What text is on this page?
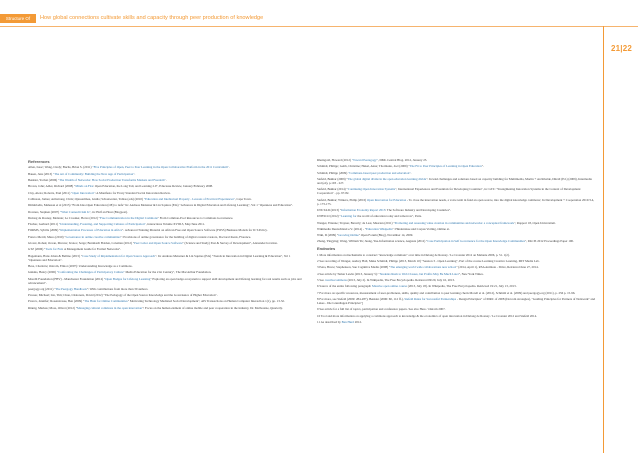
Structure Of	How global connections cultivate skills and capacity through peer production of knowledge
21|22
References

Allen, Isaac; Wang, Cindy; Buchs, Brian S. (2011) "Five Principles of Open, Peer to Peer Learning in the Open Collaborative Platform in the 2011 Curriculum".

Bauen, Jens (2013) "The Art of Community: Building the New Age of Participation".

Benkler, Yochai (2006) "The Wealth of Networks: How Social Production Transforms Markets and Freedom".

Brown, John; Adler, Richard (2008) "Minds on Fire: Open Education, the Long Tail, and Learning 2.0", Educause Review, January/February 2008.

Clay, Alexa; Roberts, Paul (2011) "Open Innovation": A Manifesto for Every Standard Social Innovation Review.

Collinson, James; Armstrong, Chris; Ojasaarimaa, Giulia; Schonwetter, Tobias (eds) (2010) "Education and Intellectual Property - Lessons of Practical Experiences", Cape Town.

Dimitriadis, Mahesan et al (2015) "From Idea Open Education (OE) to tiefe" In: Andreas Meiszner & Lin Squires (Eds) "Advances in Digital Education and Lifelong Learning", Vol 1 "Openness and Education".

Downes, Stephen (2007) "What Connectivism Is", in: Half an Hour (Blogpost).

Dulong de Rosnay, Melanie; Le Crosnier, Herve (2012) "Free Communication in the Digital Commons" From Common-Pool Resources to Commons Governance.

Fischer, Gerhard (2011) "Understanding, Fostering, and Supporting Cultures of Participation", interactions Volume XVIII.3, May/June 2011.

FORMS, Sybille (2009) "Implementation Processes of Education in Africa". Advanced Training Material on African Free and Open Source Software (FOSS) Business Models for ICT-Policy.

Franco Merril, Mauo (2010) "Governance in online creative communities": Provisions of online governance for the building of digital content creators, Doctoral thesis, Florence.

Glover, Rohan; Ocean, Marcus; Ivanov, Serge; Bernhardt Bolden, Coleman (2012) "Peer Labor and Open Source Software" (Science and Study) Past & Survey of Development", Alexander Iovation.

GTZ (2006) "Tools for Fun: A Management Guide for Formal Networks".

Hagemann, Hans Johan & Bellino (2015) "Case Study of Implementation for Open Source Approach". In: Andreas Meiszner & Lin Squires (Eds) "Trends in Innovation in Digital Learning & Education", Vol 1 "Openness and Education".

Hess, Charlotte; Ostrom, Elinor (2007): Understanding Knowledge as a Commons.

Jenkins, Henry (2006) "Confronting the Challenges of Participatory Culture" Media Education for the 21st Century", The MacArthur Foundation.

Morelli Foundation (FHV) - Manchester Foundation (2012) "Open Badges for Lifelong Learning" Exploring an open badge ecosystem to support skill development and lifelong learning for real results such as jobs and advancement".

peergogy.org (2011) "The Peergogy Handbook": With contributions from more than 30 authors.

Prosser, Michael; Lin, Tim; Chan, Chaloners, David (2012) "The Pedagogy of the Open Source Knowledge and the Governance of Higher Education".

Pronov, Jennifer; Rosenstrasse, Ben (2009) "The Hunt for Online Communities" Motivating Technology Mediated Social Development", AIS Transactions on Human Computer Interaction 1(1), pp. 13-32.

Rinnig, Markus; Moss, Oliver (2012) "Managing cultural commons in the open innovation": Focus on the human element of online mobile and peer cooperation in the industry, Dr. Melbourne, Quarterly.

Rheingold, Howard (2012) "Toward Peeragogy", DML Central Blog. 2012, January 23.

Schmidt, Philipp; Geith, Christine; Hakel, Anne; Thormann, Joel (2009) "The Fit to Peer Principles of Learning in Open Education".

Schmidt, Philipp (2009) "Commons-based peer production and education".

Siefeld, Bakhar (2009) "The global digital divide in the open education learning divide". In lend challenges and solutions based on capacity building for Multimedia, Martin + Archibalde, Dhrall (Ed.) (2009), Intermedia and (ed), p.193 - 227.

Siefeld, Bakhar (2014) "Continuing Open Innovation Systems", International Experiences and Potentials for Developing Countries", in: GTZ: "Strengthening Innovation Systems in the Context of Development Cooperation" - pp. 97-82.

Siefeld, Bakhar; Winters, Philip (2010) Open Innovation for Education - To close the innovation needs, a voice term in fund an open source, into the digital knowledge commons', In Development + Cooperation 2010/3-4, p. 173-175.

UNCTAD (2013) "Information Economy Report 2013: The Software Industry and Developing Countries".

UNESCO (2012) "Learning for the world of education today and tomorrow", Paris.

Wenger, Etienne; Trayner, Beverly; de Laat, Maarten (2011) "Promoting and assessing value creation in communities and networks: a conceptual framework", Rapport 18, Open Universiteit.

Wikimedia Deutschland e.V. (2014) - "Education Wikipedia": Hindernisse und Corpus Vorling, Online at.

Wiki, D (2009) "Growing Online" Open Forum (Blog), November 14, 2009.

Zhang, Yingying; Wang, William Yu; Juang, Yue-Information science, Augusta (2012) "Case Participation in Self Governance for the Open Knowledge Communities", PACIS 2012 Proceedings Paper 190.

Endnotes

1 More information on mechanisms to construct "knowledge commons" over time in Dulong de Rosnay / Le Crosnier 2012 on Melanie 2006, p. 51. 1(2).

2 See recording of Wenger, Audrey Hall, Make Schmidt, Philipp (2013, March 10) "Session 3 - Open Learning", Part of the course Learning Creative Learning, MIT Media Lab.

3 Pena, Bruce; Stephenson, Sue Cognitive Media (2008) "The emerging world wide collaborations new school" (2014, April 1), RSA Animate - Drive, Retrieved June 27, 2014.

4 See article by Tamar Lewin (2013, January 5): "Students Rush to Web Classes, but Profits May Be Much Later", New York Times.

5 See creativecommons (2013, July 2). In Wikipedia, The Free Encyclopedia. Retrieved 09:20, July 16, 2013.

6 Source of the entire following paragraph: Massive open online course (2013, July 18). In Wikipedia, The Free Encyclopedia. Retrieved 19:21, July 13, 2013.

7 For more on specific resources, measurement of user-probleness, skills, quality and contribution to peer learning check Morell et al. (2012), Schmidt et al. (2009) and peergogy.org (2011), p. 256 p. 15-96.

8 For more, see Siefeld (2009: 284-287), Benkler (2006: 60, 112 ff.), Siefeld Rules for Successful Partnerships - Design Principles" of IDRC of 2008 (Dotcom strategies), "Guiding Principles for Partners of Netzwerk" and Lakes - Die Grundlagen Principles"]

9 See article for a full list of topics, participation and conference papers. See also Hess / Ostrom 2007.

10 Tool and more information on applying a commons approach to knowledge & the economics of open innovation in Dulong de Rosnay / Le Crosnier 2012 and Siefeld 2014.

11 As described by Ben Hurd 2012.
